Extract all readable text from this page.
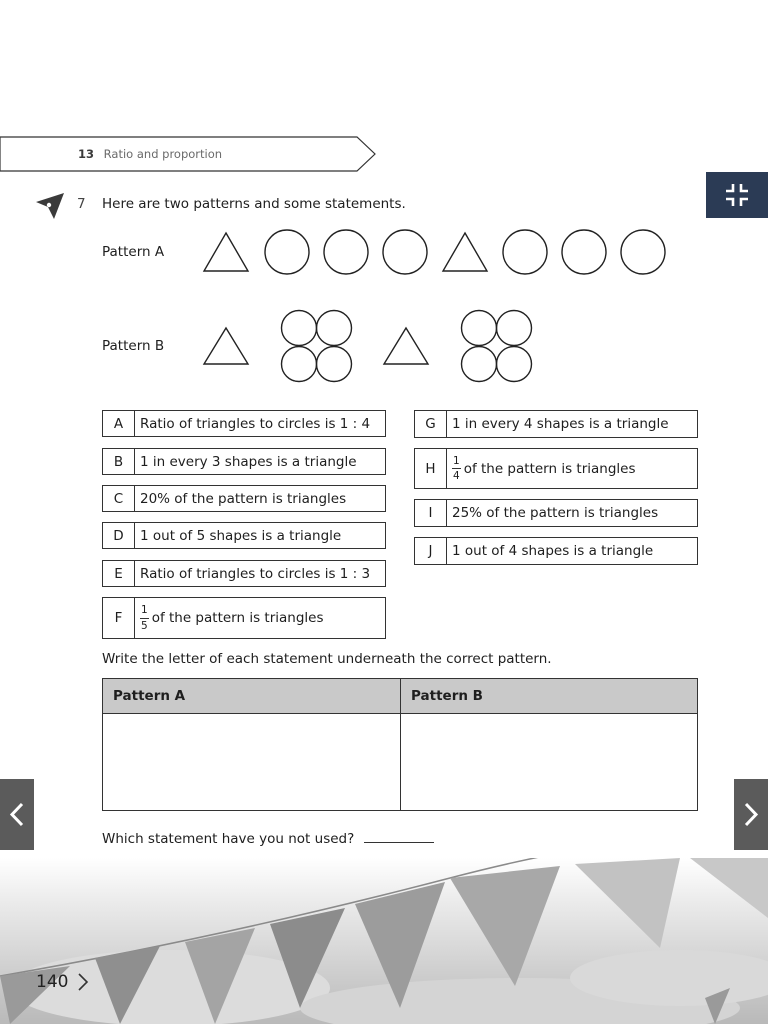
13 Ratio and proportion
7 Here are two patterns and some statements.
Pattern A
Pattern B
A	Ratio of triangles to circles is 1 : 4
B	1 in every 3 shapes is a triangle
C	20% of the pattern is triangles
D	1 out of 5 shapes is a triangle
E	Ratio of triangles to circles is 1 : 3
F	$\frac{1}{5}$ of the pattern is triangles
G	1 in every 4 shapes is a triangle
H	$\frac{1}{4}$ of the pattern is triangles
I	25% of the pattern is triangles
J	1 out of 4 shapes is a triangle
Write the letter of each statement underneath the correct pattern.
Pattern A	Pattern B
Which statement have you not used?
140
